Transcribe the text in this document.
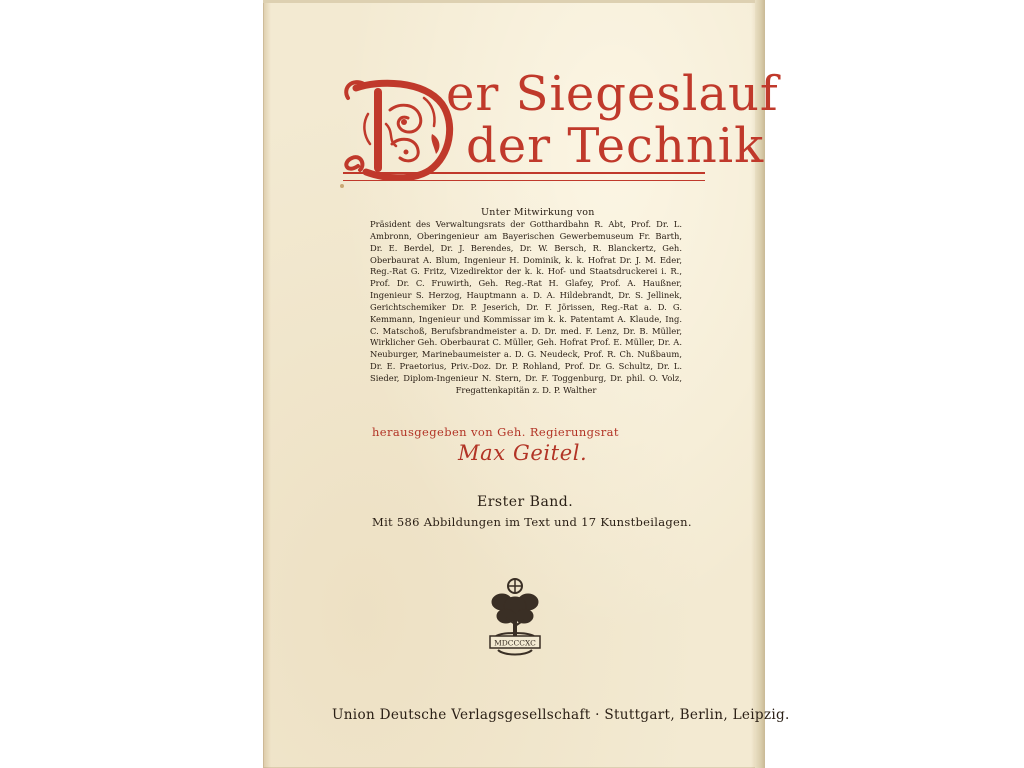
er Siegeslauf
der Technik
Unter Mitwirkung von
Präsident des Verwaltungsrats der Gotthardbahn R. Abt, Prof. Dr. L. Ambronn, Oberingenieur am Bayerischen Gewerbemuseum Fr. Barth, Dr. E. Berdel, Dr. J. Berendes, Dr. W. Bersch, R. Blanckertz, Geh. Oberbaurat A. Blum, Ingenieur H. Dominik, k. k. Hofrat Dr. J. M. Eder, Reg.-Rat G. Fritz, Vizedirektor der k. k. Hof- und Staatsdruckerei i. R., Prof. Dr. C. Fruwirth, Geh. Reg.-Rat H. Glafey, Prof. A. Haußner, Ingenieur S. Herzog, Hauptmann a. D. A. Hildebrandt, Dr. S. Jellinek, Gerichtschemiker Dr. P. Jeserich, Dr. F. Jörissen, Reg.-Rat a. D. G. Kemmann, Ingenieur und Kommissar im k. k. Patentamt A. Klaude, Ing. C. Matschoß, Berufsbrandmeister a. D. Dr. med. F. Lenz, Dr. B. Müller, Wirklicher Geh. Oberbaurat C. Müller, Geh. Hofrat Prof. E. Müller, Dr. A. Neuburger, Marinebaumeister a. D. G. Neudeck, Prof. R. Ch. Nußbaum, Dr. E. Praetorius, Priv.-Doz. Dr. P. Rohland, Prof. Dr. G. Schultz, Dr. L. Sieder, Diplom-Ingenieur N. Stern, Dr. F. Toggenburg, Dr. phil. O. Volz, Fregattenkapitän z. D. P. Walther
herausgegeben von Geh. Regierungsrat
Max Geitel.
Erster Band.
Mit 586 Abbildungen im Text und 17 Kunstbeilagen.
MDCCCXC
Union Deutsche Verlagsgesellschaft · Stuttgart, Berlin, Leipzig.
